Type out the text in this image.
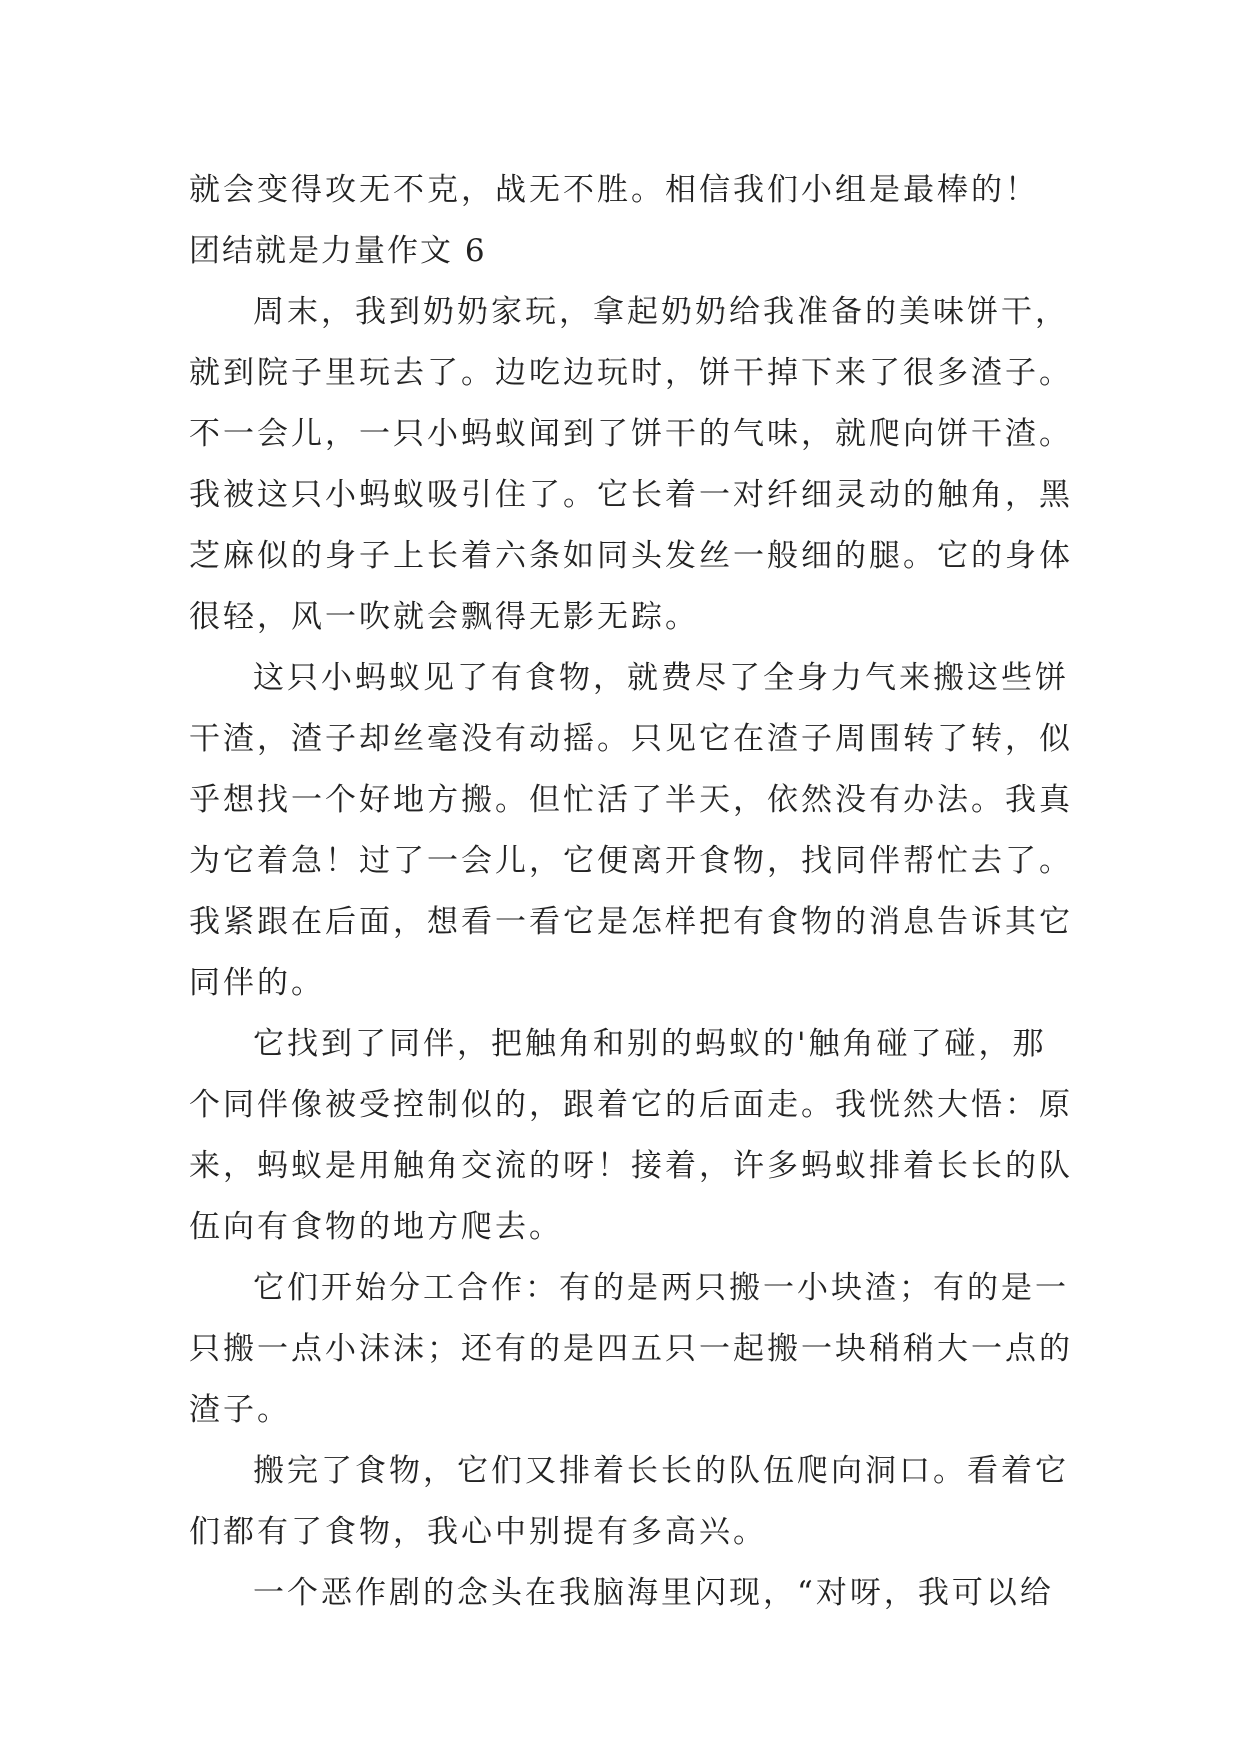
就会变得攻无不克，战无不胜。相信我们小组是最棒的！
团结就是力量作文 6
周末，我到奶奶家玩，拿起奶奶给我准备的美味饼干，
就到院子里玩去了。边吃边玩时，饼干掉下来了很多渣子。
不一会儿，一只小蚂蚁闻到了饼干的气味，就爬向饼干渣。
我被这只小蚂蚁吸引住了。它长着一对纤细灵动的触角，黑
芝麻似的身子上长着六条如同头发丝一般细的腿。它的身体
很轻，风一吹就会飘得无影无踪。
这只小蚂蚁见了有食物，就费尽了全身力气来搬这些饼
干渣，渣子却丝毫没有动摇。只见它在渣子周围转了转，似
乎想找一个好地方搬。但忙活了半天，依然没有办法。我真
为它着急！过了一会儿，它便离开食物，找同伴帮忙去了。
我紧跟在后面，想看一看它是怎样把有食物的消息告诉其它
同伴的。
它找到了同伴，把触角和别的蚂蚁的'触角碰了碰，那
个同伴像被受控制似的，跟着它的后面走。我恍然大悟：原
来，蚂蚁是用触角交流的呀！接着，许多蚂蚁排着长长的队
伍向有食物的地方爬去。
它们开始分工合作：有的是两只搬一小块渣；有的是一
只搬一点小沫沫；还有的是四五只一起搬一块稍稍大一点的
渣子。
搬完了食物，它们又排着长长的队伍爬向洞口。看着它
们都有了食物，我心中别提有多高兴。
一个恶作剧的念头在我脑海里闪现，“对呀，我可以给
